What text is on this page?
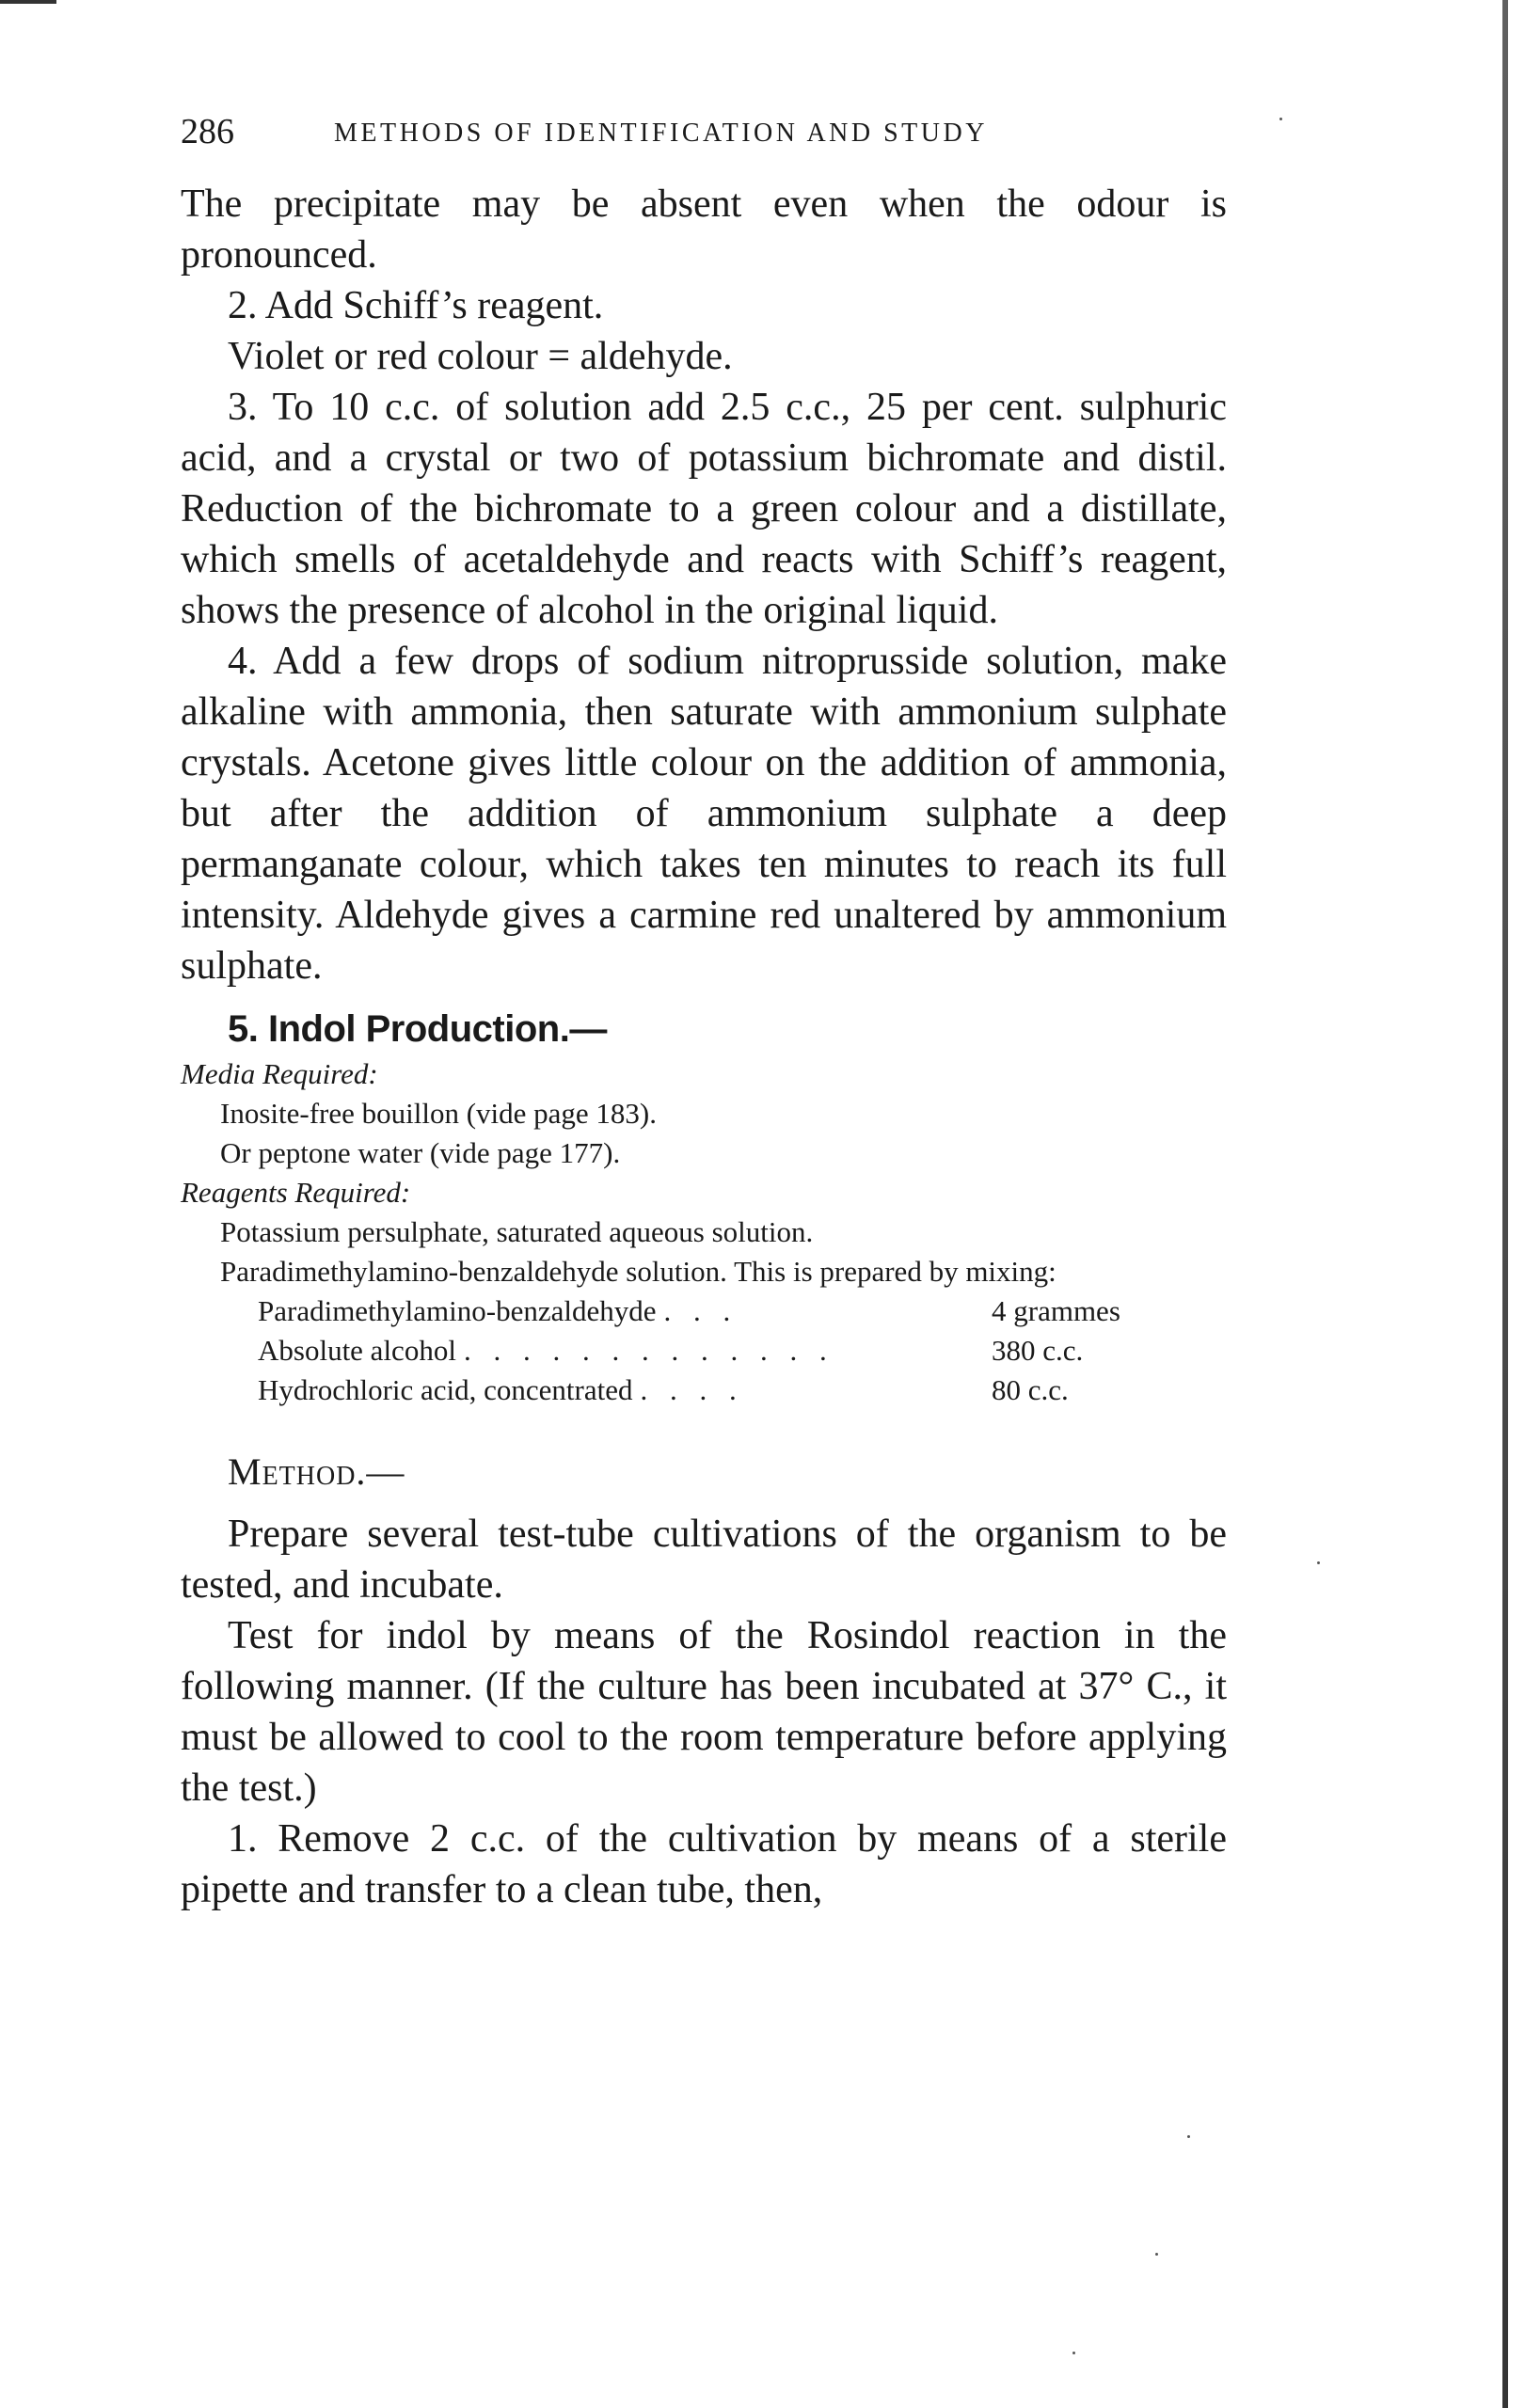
286	METHODS OF IDENTIFICATION AND STUDY

The precipitate may be absent even when the odour is pronounced.

2. Add Schiff’s reagent.

Violet or red colour = aldehyde.

3. To 10 c.c. of solution add 2.5 c.c., 25 per cent. sulphuric acid, and a crystal or two of potassium bichromate and distil. Reduction of the bichromate to a green colour and a distillate, which smells of acetaldehyde and reacts with Schiff’s reagent, shows the presence of alcohol in the original liquid.

4. Add a few drops of sodium nitroprusside solution, make alkaline with ammonia, then saturate with ammonium sulphate crystals. Acetone gives little colour on the addition of ammonia, but after the addition of ammonium sulphate a deep permanganate colour, which takes ten minutes to reach its full intensity. Aldehyde gives a carmine red unaltered by ammonium sulphate.

5. Indol Production.—

Media Required:

Inosite-free bouillon (vide page 183).

Or peptone water (vide page 177).

Reagents Required:

Potassium persulphate, saturated aqueous solution.

Paradimethylamino-benzaldehyde solution. This is prepared by mixing:

Paradimethylamino-benzaldehyde . . .	4 grammes
Absolute alcohol . . . . . . . . . . . . .	380 c.c.
Hydrochloric acid, concentrated . . . .	80 c.c.
Method.—

Prepare several test-tube cultivations of the organism to be tested, and incubate.

Test for indol by means of the Rosindol reaction in the following manner. (If the culture has been incubated at 37° C., it must be allowed to cool to the room temperature before applying the test.)

1. Remove 2 c.c. of the cultivation by means of a sterile pipette and transfer to a clean tube, then,
